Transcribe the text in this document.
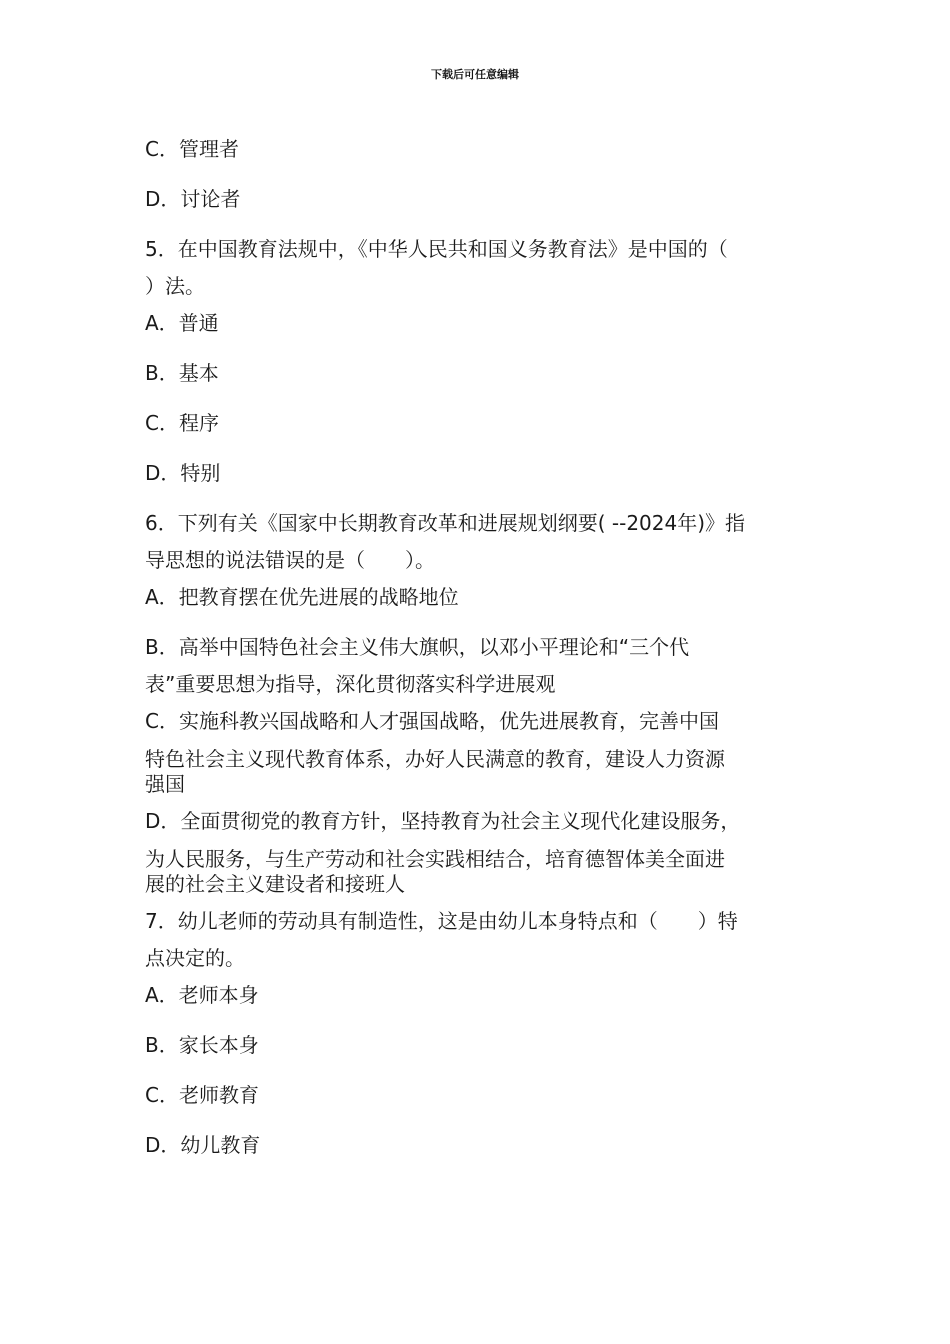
下载后可任意编辑
C．管理者
D．讨论者
5．在中国教育法规中，《中华人民共和国义务教育法》是中国的（
）法。
A．普通
B．基本
C．程序
D．特别
6．下列有关《国家中长期教育改革和进展规划纲要( --2024年)》指
导思想的说法错误的是（　　）。
A．把教育摆在优先进展的战略地位
B．高举中国特色社会主义伟大旗帜，以邓小平理论和“三个代
表”重要思想为指导，深化贯彻落实科学进展观
C．实施科教兴国战略和人才强国战略，优先进展教育，完善中国
特色社会主义现代教育体系，办好人民满意的教育，建设人力资源
强国
D．全面贯彻党的教育方针，坚持教育为社会主义现代化建设服务，
为人民服务，与生产劳动和社会实践相结合，培育德智体美全面进
展的社会主义建设者和接班人
7．幼儿老师的劳动具有制造性，这是由幼儿本身特点和（　　）特
点决定的。
A．老师本身
B．家长本身
C．老师教育
D．幼儿教育
